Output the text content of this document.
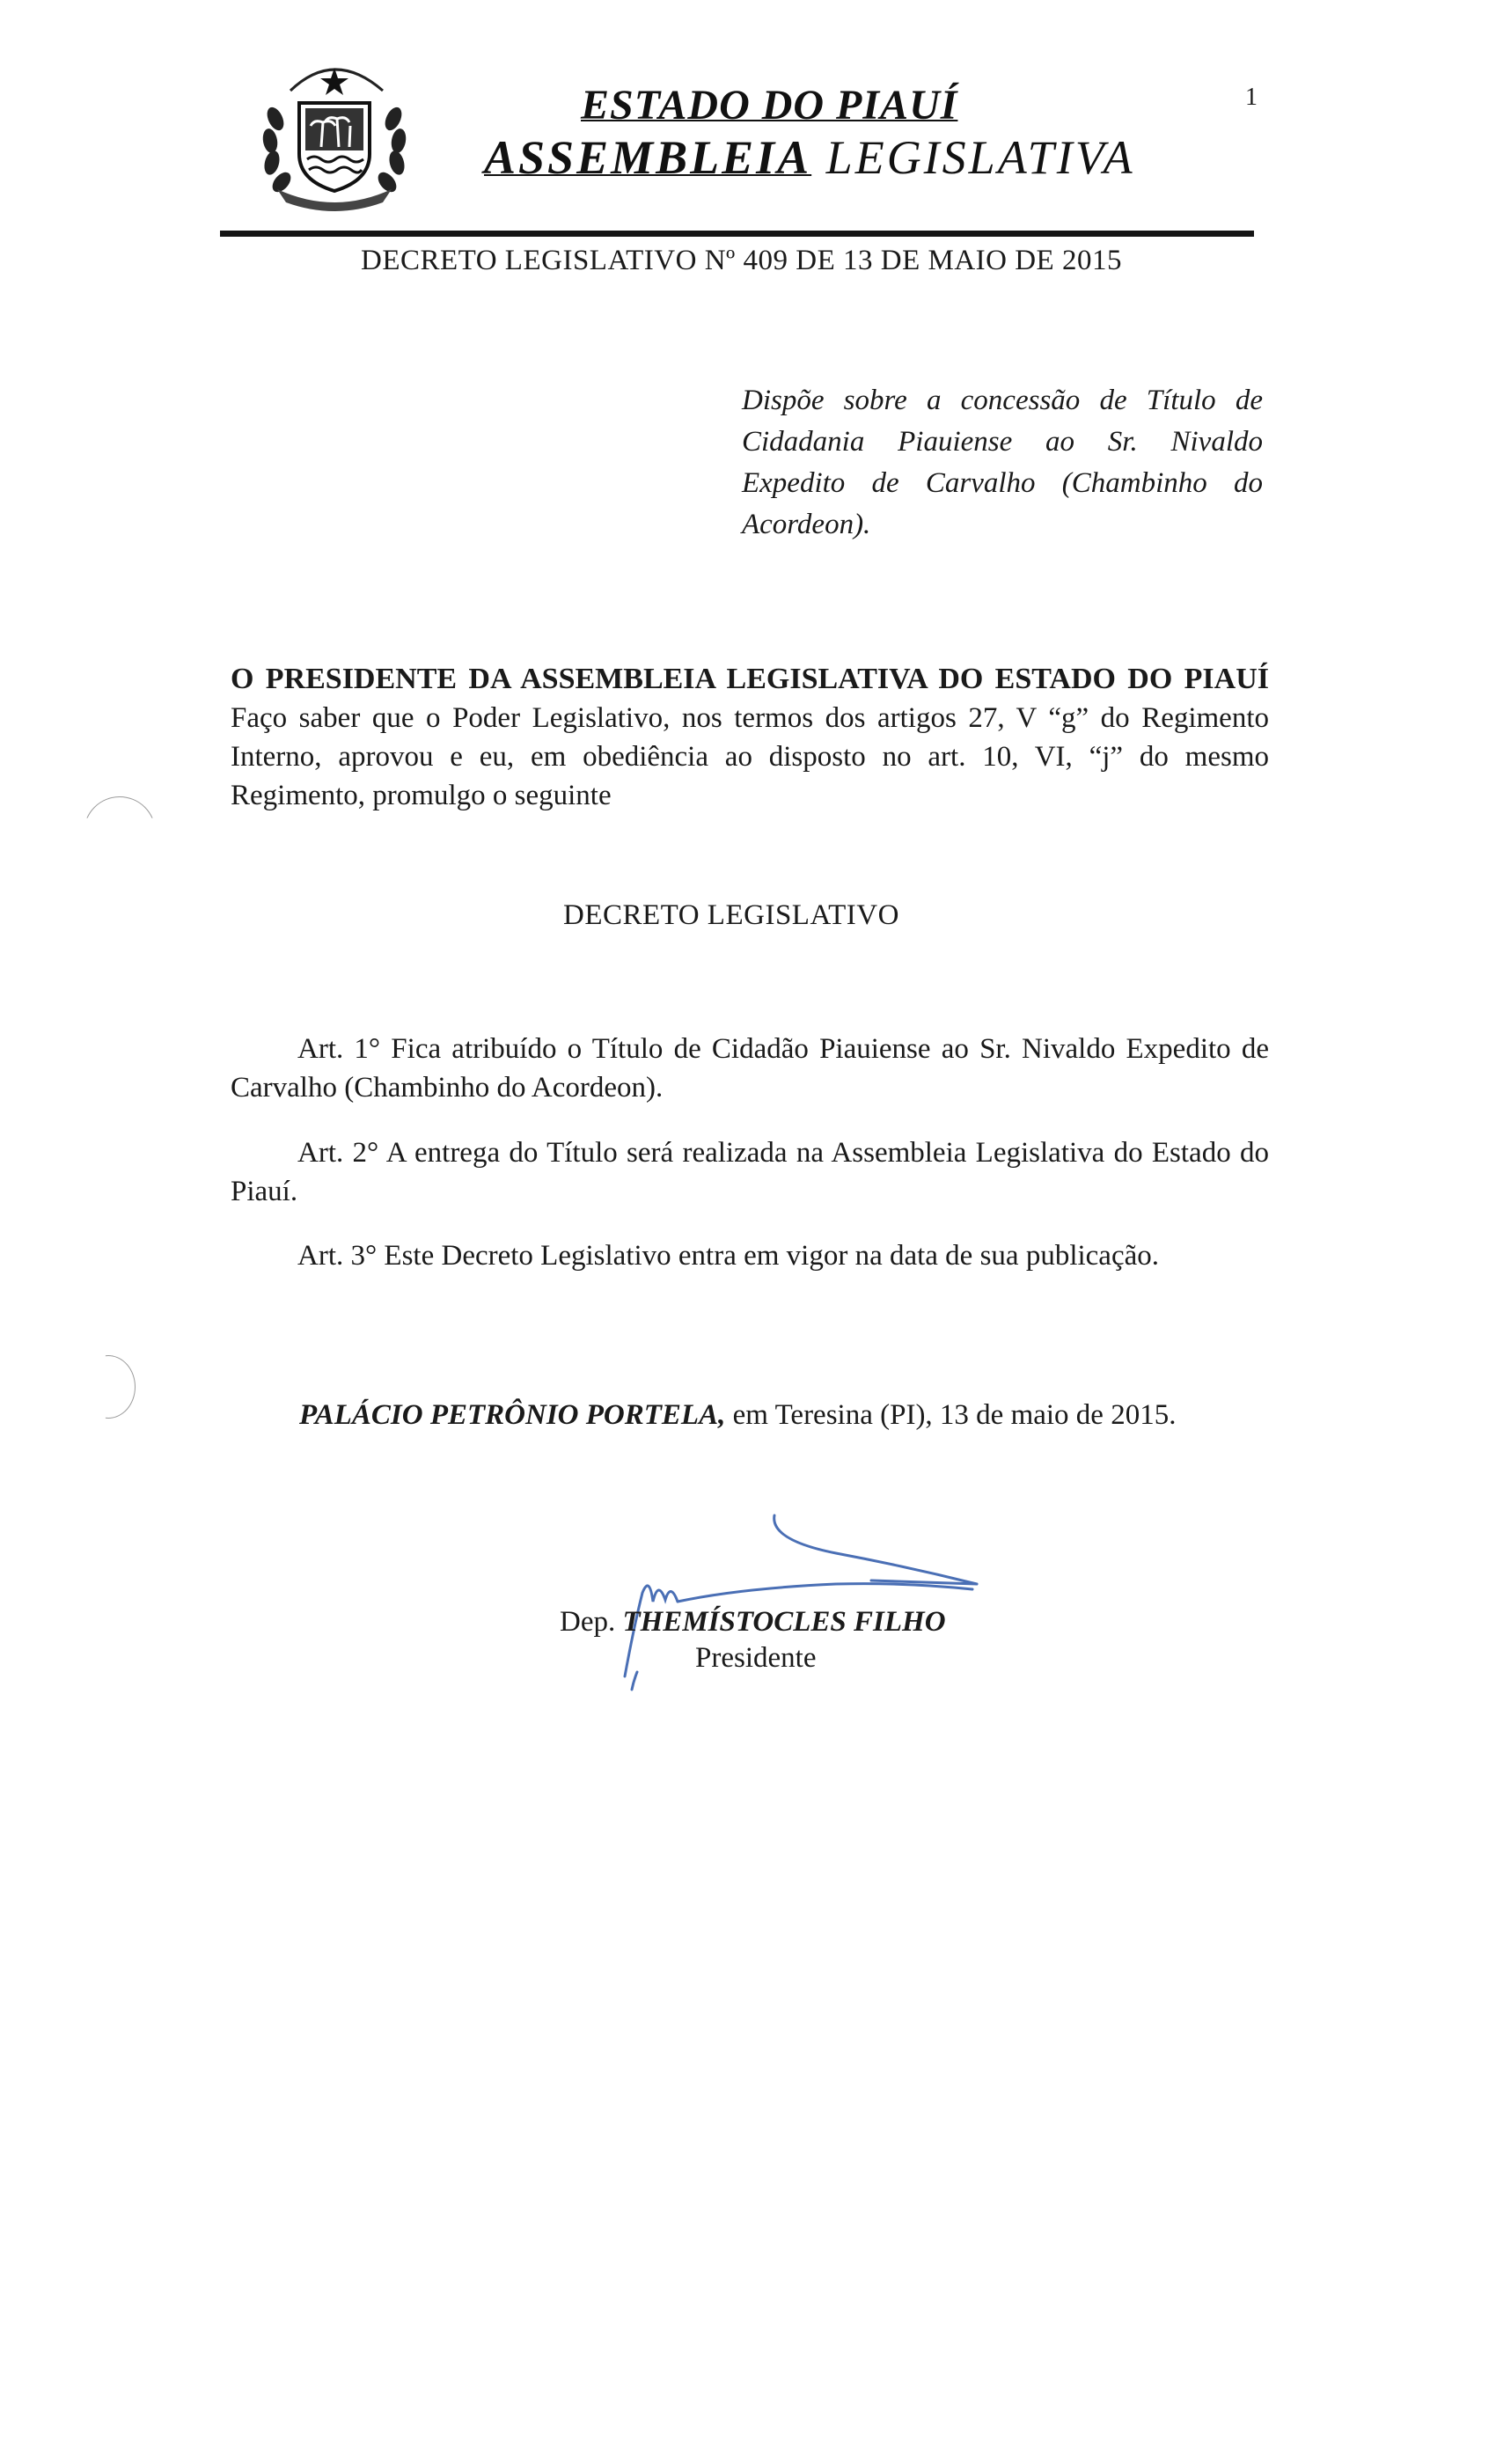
ESTADO DO PIAUÍ
ASSEMBLEIA LEGISLATIVA
1
DECRETO LEGISLATIVO Nº 409 DE 13 DE MAIO DE 2015
Dispõe sobre a concessão de Título de Cidadania Piauiense ao Sr. Nivaldo Expedito de Carvalho (Chambinho do Acordeon).
O PRESIDENTE DA ASSEMBLEIA LEGISLATIVA DO ESTADO DO PIAUÍ Faço saber que o Poder Legislativo, nos termos dos artigos 27, V “g” do Regimento Interno, aprovou e eu, em obediência ao disposto no art. 10, VI, “j” do mesmo Regimento, promulgo o seguinte
DECRETO LEGISLATIVO
Art. 1° Fica atribuído o Título de Cidadão Piauiense ao Sr. Nivaldo Expedito de Carvalho (Chambinho do Acordeon).
Art. 2° A entrega do Título será realizada na Assembleia Legislativa do Estado do Piauí.
Art. 3° Este Decreto Legislativo entra em vigor na data de sua publicação.
PALÁCIO PETRÔNIO PORTELA, em Teresina (PI), 13 de maio de 2015.
Dep. THEMÍSTOCLES FILHO
Presidente
